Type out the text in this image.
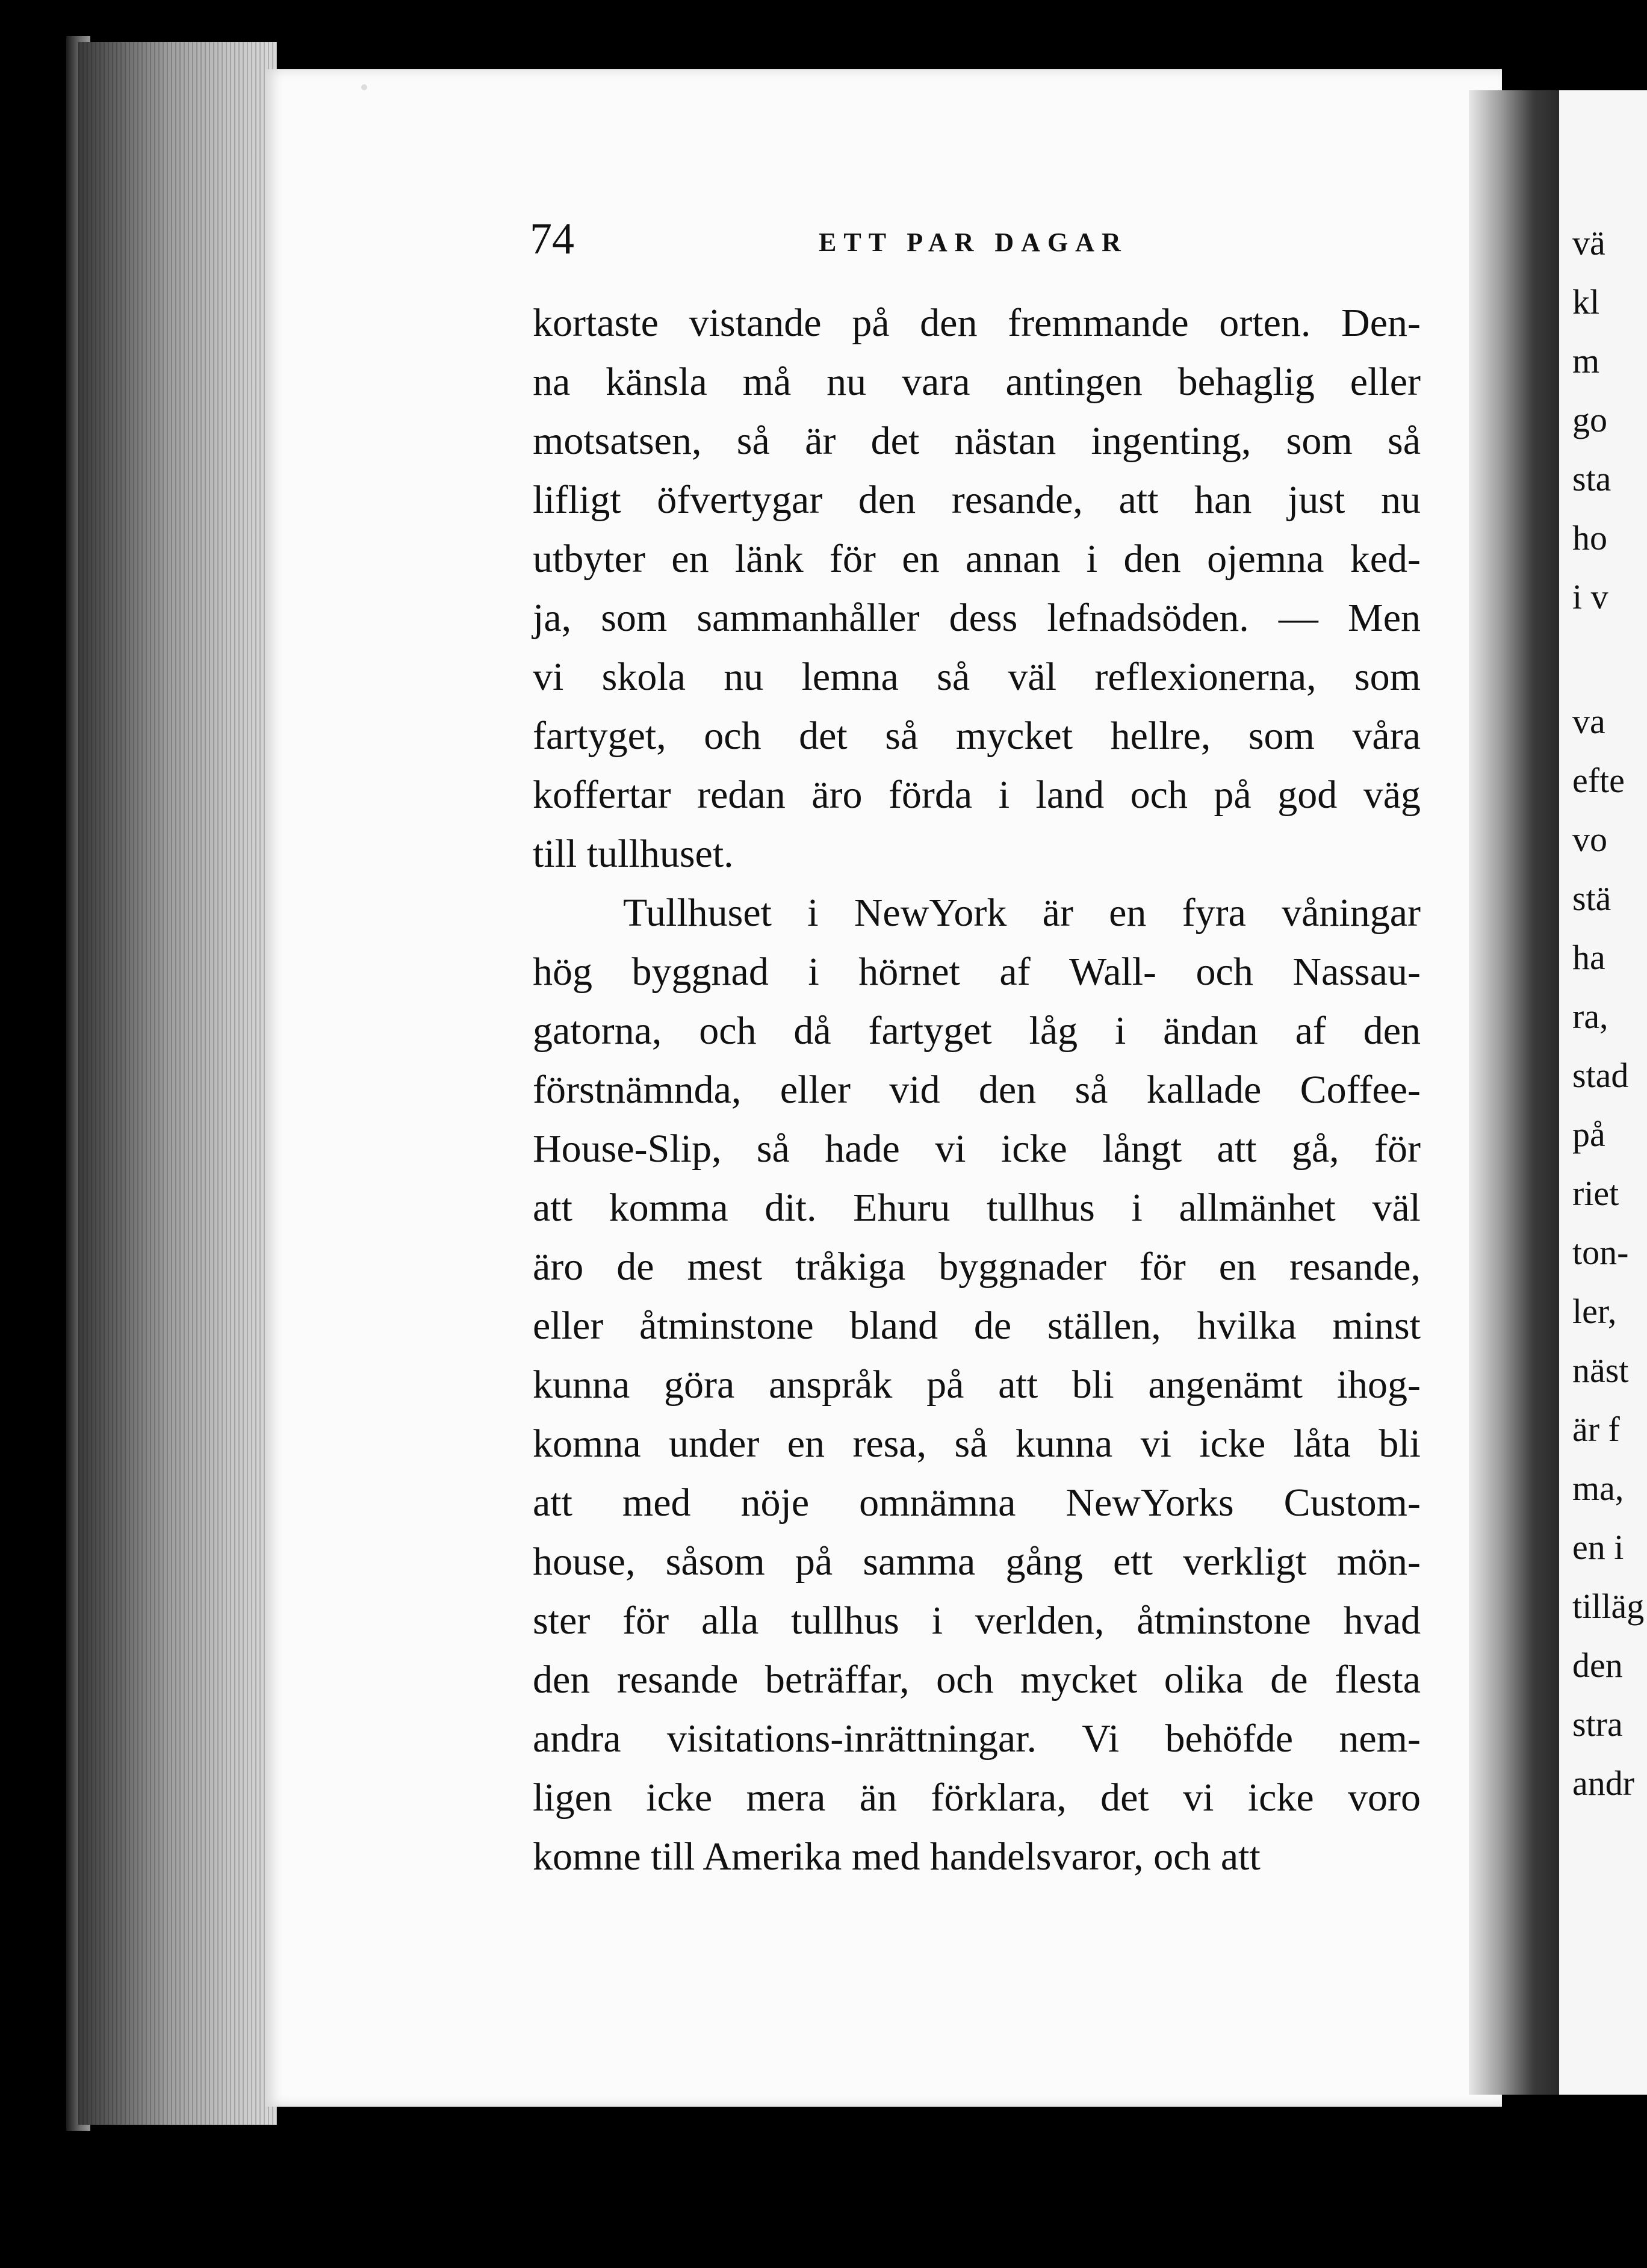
vä
kl
m
go
sta
ho
i v
va
efte
vo
stä
ha
ra,
stad
på
riet
ton-
ler,
näst
är f
ma,
en i
tilläg
den
stra
andr
74	ETT PAR DAGAR
kortaste vistande på den fremmande orten. Den-
na känsla må nu vara antingen behaglig eller
motsatsen, så är det nästan ingenting, som så
lifligt öfvertygar den resande, att han just nu
utbyter en länk för en annan i den ojemna ked-
ja, som sammanhåller dess lefnadsöden. — Men
vi skola nu lemna så väl reflexionerna, som
fartyget, och det så mycket hellre, som våra
koffertar redan äro förda i land och på god väg
till tullhuset.
Tullhuset i NewYork är en fyra våningar
hög byggnad i hörnet af Wall- och Nassau-
gatorna, och då fartyget låg i ändan af den
förstnämnda, eller vid den så kallade Coffee-
House-Slip, så hade vi icke långt att gå, för
att komma dit. Ehuru tullhus i allmänhet väl
äro de mest tråkiga byggnader för en resande,
eller åtminstone bland de ställen, hvilka minst
kunna göra anspråk på att bli angenämt ihog-
komna under en resa, så kunna vi icke låta bli
att med nöje omnämna NewYorks Custom-
house, såsom på samma gång ett verkligt mön-
ster för alla tullhus i verlden, åtminstone hvad
den resande beträffar, och mycket olika de flesta
andra visitations-inrättningar. Vi behöfde nem-
ligen icke mera än förklara, det vi icke voro
komne till Amerika med handelsvaror, och att
